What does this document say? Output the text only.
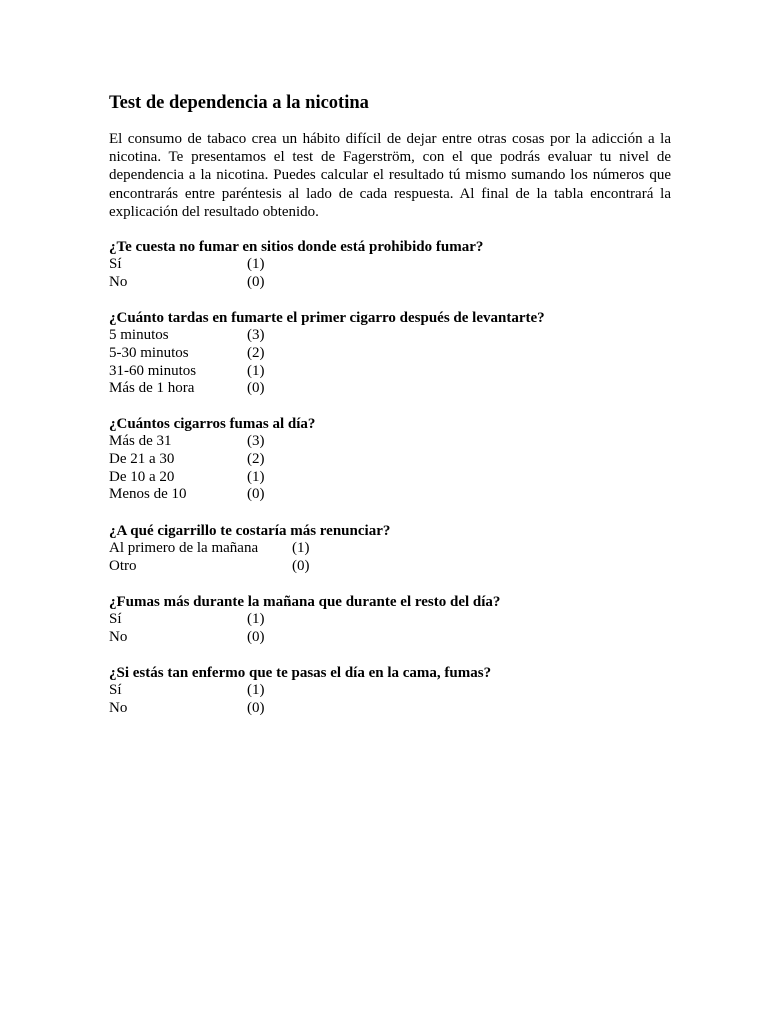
Test de dependencia a la nicotina

El consumo de tabaco crea un hábito difícil de dejar entre otras cosas por la adicción a la nicotina. Te presentamos el test de Fagerström, con el que podrás evaluar tu nivel de dependencia a la nicotina. Puedes calcular el resultado tú mismo sumando los números que encontrarás entre paréntesis al lado de cada respuesta. Al final de la tabla encontrará la explicación del resultado obtenido.

¿Te cuesta no fumar en sitios donde está prohibido fumar?

Sí	(1)
No	(0)

¿Cuánto tardas en fumarte el primer cigarro después de levantarte?

5 minutos	(3)
5-30 minutos	(2)
31-60 minutos	(1)
Más de 1 hora	(0)

¿Cuántos cigarros fumas al día?

Más de 31	(3)
De 21 a 30	(2)
De 10 a 20	(1)
Menos de 10	(0)

¿A qué cigarrillo te costaría más renunciar?

Al primero de la mañana	(1)
Otro	(0)

¿Fumas más durante la mañana que durante el resto del día?

Sí	(1)
No	(0)

¿Si estás tan enfermo que te pasas el día en la cama, fumas?

Sí	(1)
No	(0)
